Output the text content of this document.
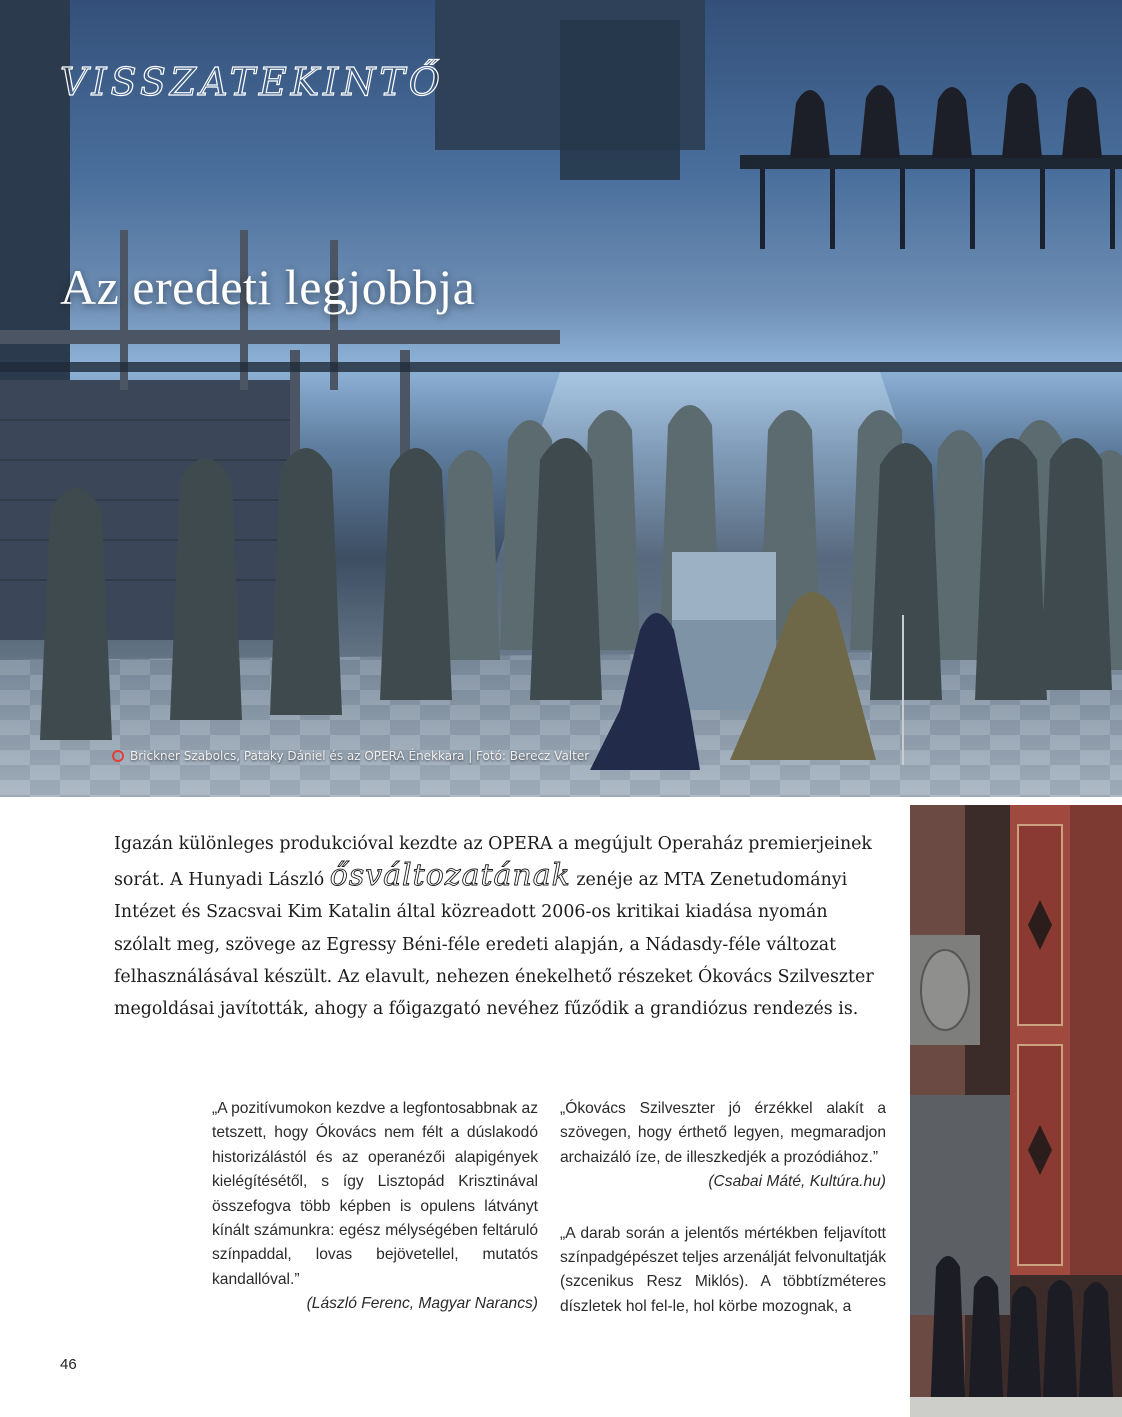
VISSZATEKINTŐ
Az eredeti legjobbja
Brickner Szabolcs, Pataky Dániel és az OPERA Énekkara | Fotó: Berecz Valter

Igazán különleges produkcióval kezdte az OPERA a megújult Operaház premierjeinek sorát. A Hunyadi László ősváltozatának zenéje az MTA Zenetudományi Intézet és Szacsvai Kim Katalin által közreadott 2006-os kritikai kiadása nyomán szólalt meg, szövege az Egressy Béni-féle eredeti alapján, a Nádasdy-féle változat felhasználásával készült. Az elavult, nehezen énekelhető részeket Ókovács Szilveszter megoldásai javították, ahogy a főigazgató nevéhez fűződik a grandiózus rendezés is.

„A pozitívumokon kezdve a legfontosabbnak az tetszett, hogy Ókovács nem félt a dúslakodó historizálástól és az operanézői alapigények kielégítésétől, s így Lisztopád Krisztinával összefogva több képben is opulens látványt kínált számunkra: egész mélységében feltáruló színpaddal, lovas bejövetellel, mutatós kandallóval.”

(László Ferenc, Magyar Narancs)

„Ókovács Szilveszter jó érzékkel alakít a szövegen, hogy érthető legyen, megmaradjon archaizáló íze, de illeszkedjék a prozódiához.”

(Csabai Máté, Kultúra.hu)

„A darab során a jelentős mértékben feljavított színpadgépészet teljes arzenálját felvonultatják (szcenikus Resz Miklós). A többtízméteres díszletek hol fel-le, hol körbe mozognak, a

46
